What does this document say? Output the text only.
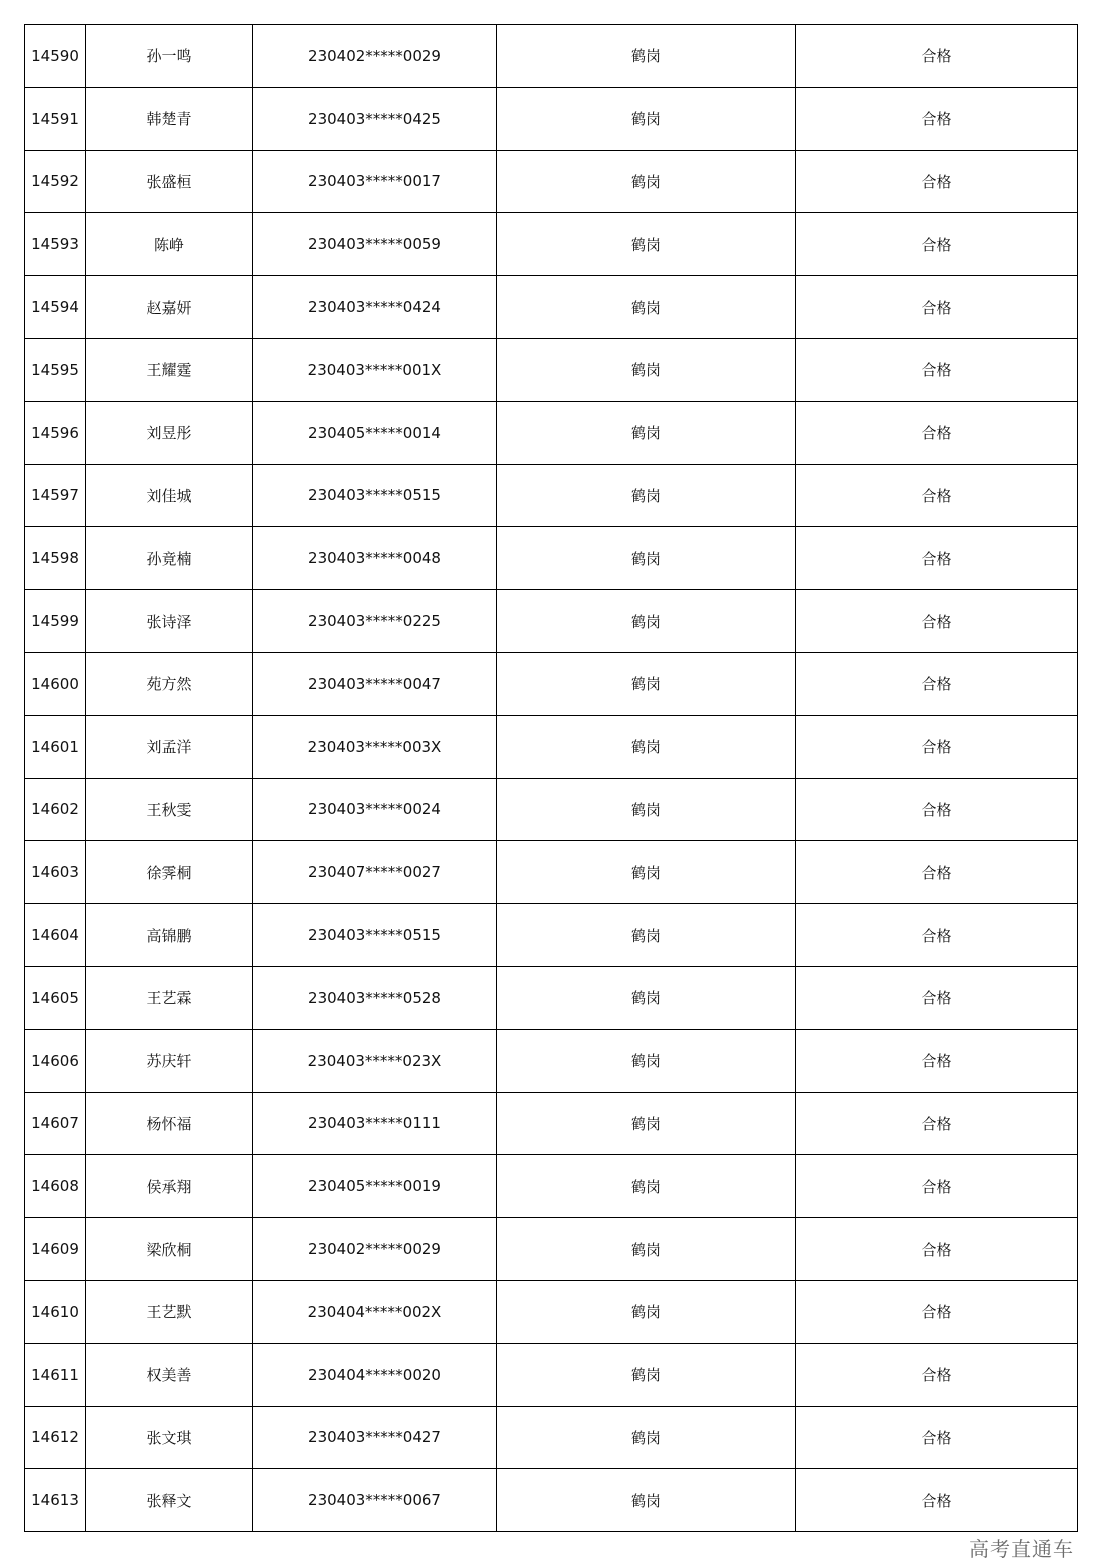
14590	孙一鸣	230402*****0029	鹤岗	合格
14591	韩楚青	230403*****0425	鹤岗	合格
14592	张盛桓	230403*****0017	鹤岗	合格
14593	陈峥	230403*****0059	鹤岗	合格
14594	赵嘉妍	230403*****0424	鹤岗	合格
14595	王耀霆	230403*****001X	鹤岗	合格
14596	刘昱彤	230405*****0014	鹤岗	合格
14597	刘佳城	230403*****0515	鹤岗	合格
14598	孙竟楠	230403*****0048	鹤岗	合格
14599	张诗泽	230403*****0225	鹤岗	合格
14600	苑方然	230403*****0047	鹤岗	合格
14601	刘孟洋	230403*****003X	鹤岗	合格
14602	王秋雯	230403*****0024	鹤岗	合格
14603	徐霁桐	230407*****0027	鹤岗	合格
14604	高锦鹏	230403*****0515	鹤岗	合格
14605	王艺霖	230403*****0528	鹤岗	合格
14606	苏庆轩	230403*****023X	鹤岗	合格
14607	杨怀福	230403*****0111	鹤岗	合格
14608	侯承翔	230405*****0019	鹤岗	合格
14609	梁欣桐	230402*****0029	鹤岗	合格
14610	王艺默	230404*****002X	鹤岗	合格
14611	权美善	230404*****0020	鹤岗	合格
14612	张文琪	230403*****0427	鹤岗	合格
14613	张释文	230403*****0067	鹤岗	合格
高考直通车
